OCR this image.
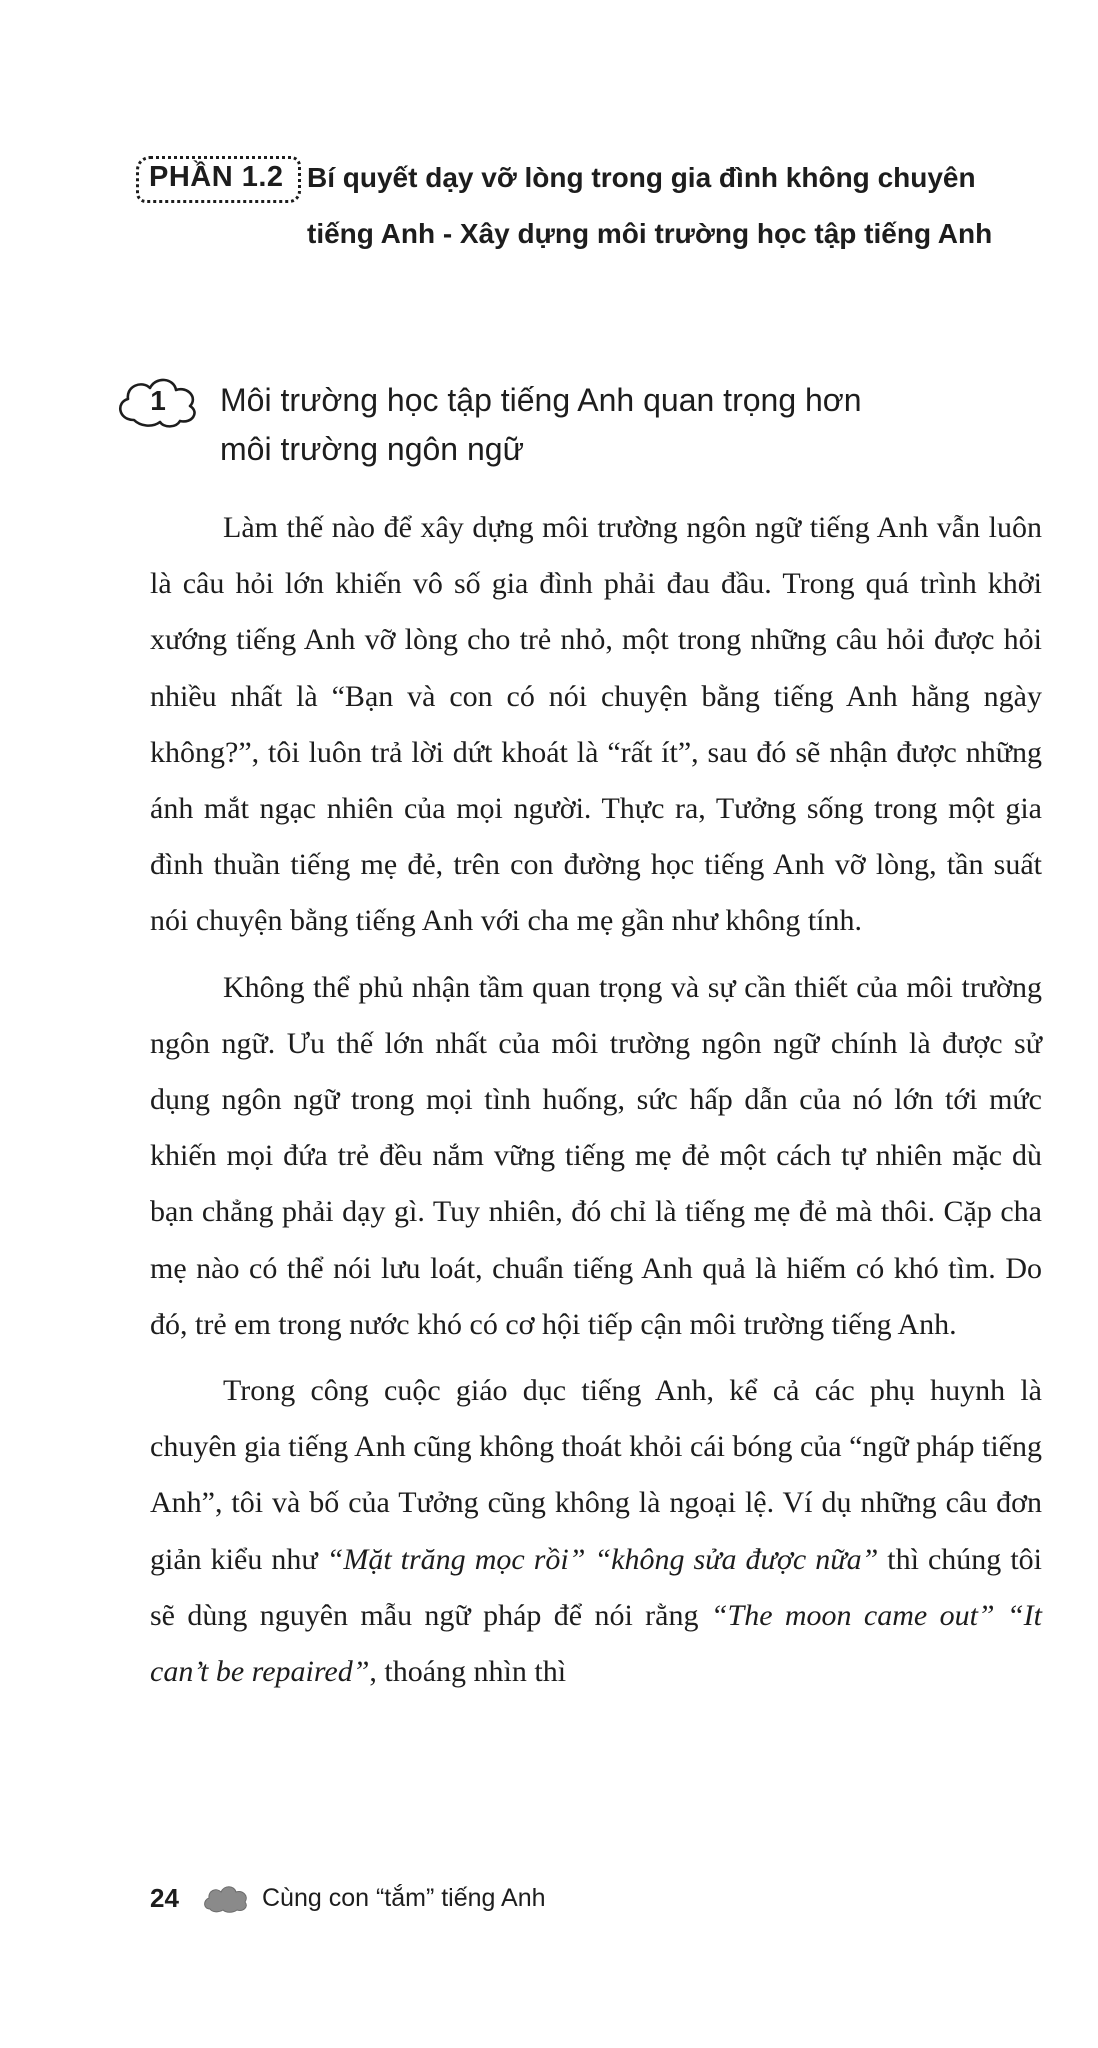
PHẦN 1.2 Bí quyết dạy vỡ lòng trong gia đình không chuyên tiếng Anh - Xây dựng môi trường học tập tiếng Anh
1 Môi trường học tập tiếng Anh quan trọng hơn
môi trường ngôn ngữ

Làm thế nào để xây dựng môi trường ngôn ngữ tiếng Anh vẫn luôn là câu hỏi lớn khiến vô số gia đình phải đau đầu. Trong quá trình khởi xướng tiếng Anh vỡ lòng cho trẻ nhỏ, một trong những câu hỏi được hỏi nhiều nhất là “Bạn và con có nói chuyện bằng tiếng Anh hằng ngày không?”, tôi luôn trả lời dứt khoát là “rất ít”, sau đó sẽ nhận được những ánh mắt ngạc nhiên của mọi người. Thực ra, Tưởng sống trong một gia đình thuần tiếng mẹ đẻ, trên con đường học tiếng Anh vỡ lòng, tần suất nói chuyện bằng tiếng Anh với cha mẹ gần như không tính.

Không thể phủ nhận tầm quan trọng và sự cần thiết của môi trường ngôn ngữ. Ưu thế lớn nhất của môi trường ngôn ngữ chính là được sử dụng ngôn ngữ trong mọi tình huống, sức hấp dẫn của nó lớn tới mức khiến mọi đứa trẻ đều nắm vững tiếng mẹ đẻ một cách tự nhiên mặc dù bạn chẳng phải dạy gì. Tuy nhiên, đó chỉ là tiếng mẹ đẻ mà thôi. Cặp cha mẹ nào có thể nói lưu loát, chuẩn tiếng Anh quả là hiếm có khó tìm. Do đó, trẻ em trong nước khó có cơ hội tiếp cận môi trường tiếng Anh.

Trong công cuộc giáo dục tiếng Anh, kể cả các phụ huynh là chuyên gia tiếng Anh cũng không thoát khỏi cái bóng của “ngữ pháp tiếng Anh”, tôi và bố của Tưởng cũng không là ngoại lệ. Ví dụ những câu đơn giản kiểu như “Mặt trăng mọc rồi” “không sửa được nữa” thì chúng tôi sẽ dùng nguyên mẫu ngữ pháp để nói rằng “The moon came out” “It can’t be repaired”, thoáng nhìn thì

24	Cùng con “tắm” tiếng Anh
